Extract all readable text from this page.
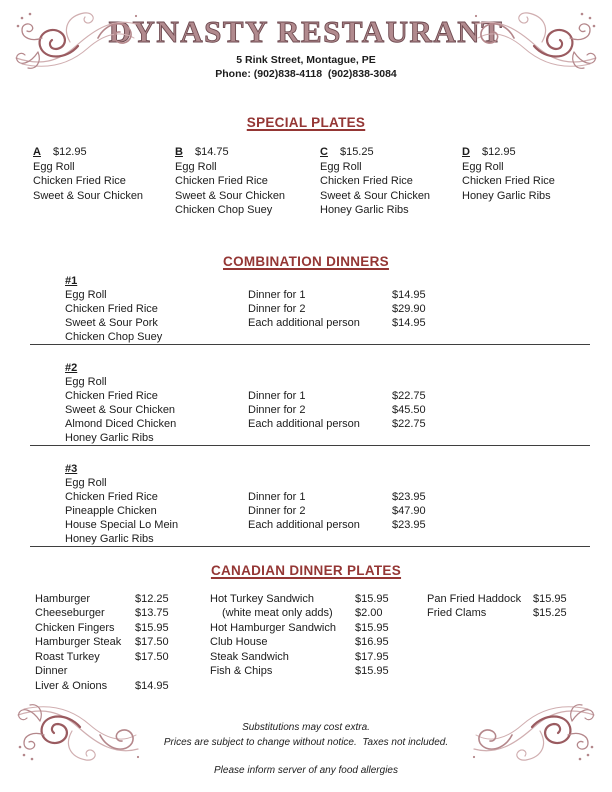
DYNASTY RESTAURANT
5 Rink Street, Montague, PE
Phone: (902)838-4118  (902)838-3084
SPECIAL PLATES
A $12.95
Egg Roll
Chicken Fried Rice
Sweet & Sour Chicken
B $14.75
Egg Roll
Chicken Fried Rice
Sweet & Sour Chicken
Chicken Chop Suey
C $15.25
Egg Roll
Chicken Fried Rice
Sweet & Sour Chicken
Honey Garlic Ribs
D $12.95
Egg Roll
Chicken Fried Rice
Honey Garlic Ribs
COMBINATION DINNERS
#1
Egg Roll	Dinner for 1	$14.95
Chicken Fried Rice	Dinner for 2	$29.90
Sweet & Sour Pork	Each additional person	$14.95
Chicken Chop Suey
#2
Egg Roll
Chicken Fried Rice	Dinner for 1	$22.75
Sweet & Sour Chicken	Dinner for 2	$45.50
Almond Diced Chicken	Each additional person	$22.75
Honey Garlic Ribs
#3
Egg Roll
Chicken Fried Rice	Dinner for 1	$23.95
Pineapple Chicken	Dinner for 2	$47.90
House Special Lo Mein	Each additional person	$23.95
Honey Garlic Ribs
CANADIAN DINNER PLATES
Hamburger	$12.25
Cheeseburger	$13.75
Chicken Fingers	$15.95
Hamburger Steak	$17.50
Roast Turkey Dinner
$17.50
Liver & Onions	$14.95
Hot Turkey Sandwich	$15.95
(white meat only adds)	$2.00
Hot Hamburger Sandwich	$15.95
Club House	$16.95
Steak Sandwich	$17.95
Fish & Chips	$15.95
Pan Fried Haddock	$15.95
Fried Clams	$15.25
Substitutions may cost extra.
Prices are subject to change without notice.  Taxes not included.
Please inform server of any food allergies
